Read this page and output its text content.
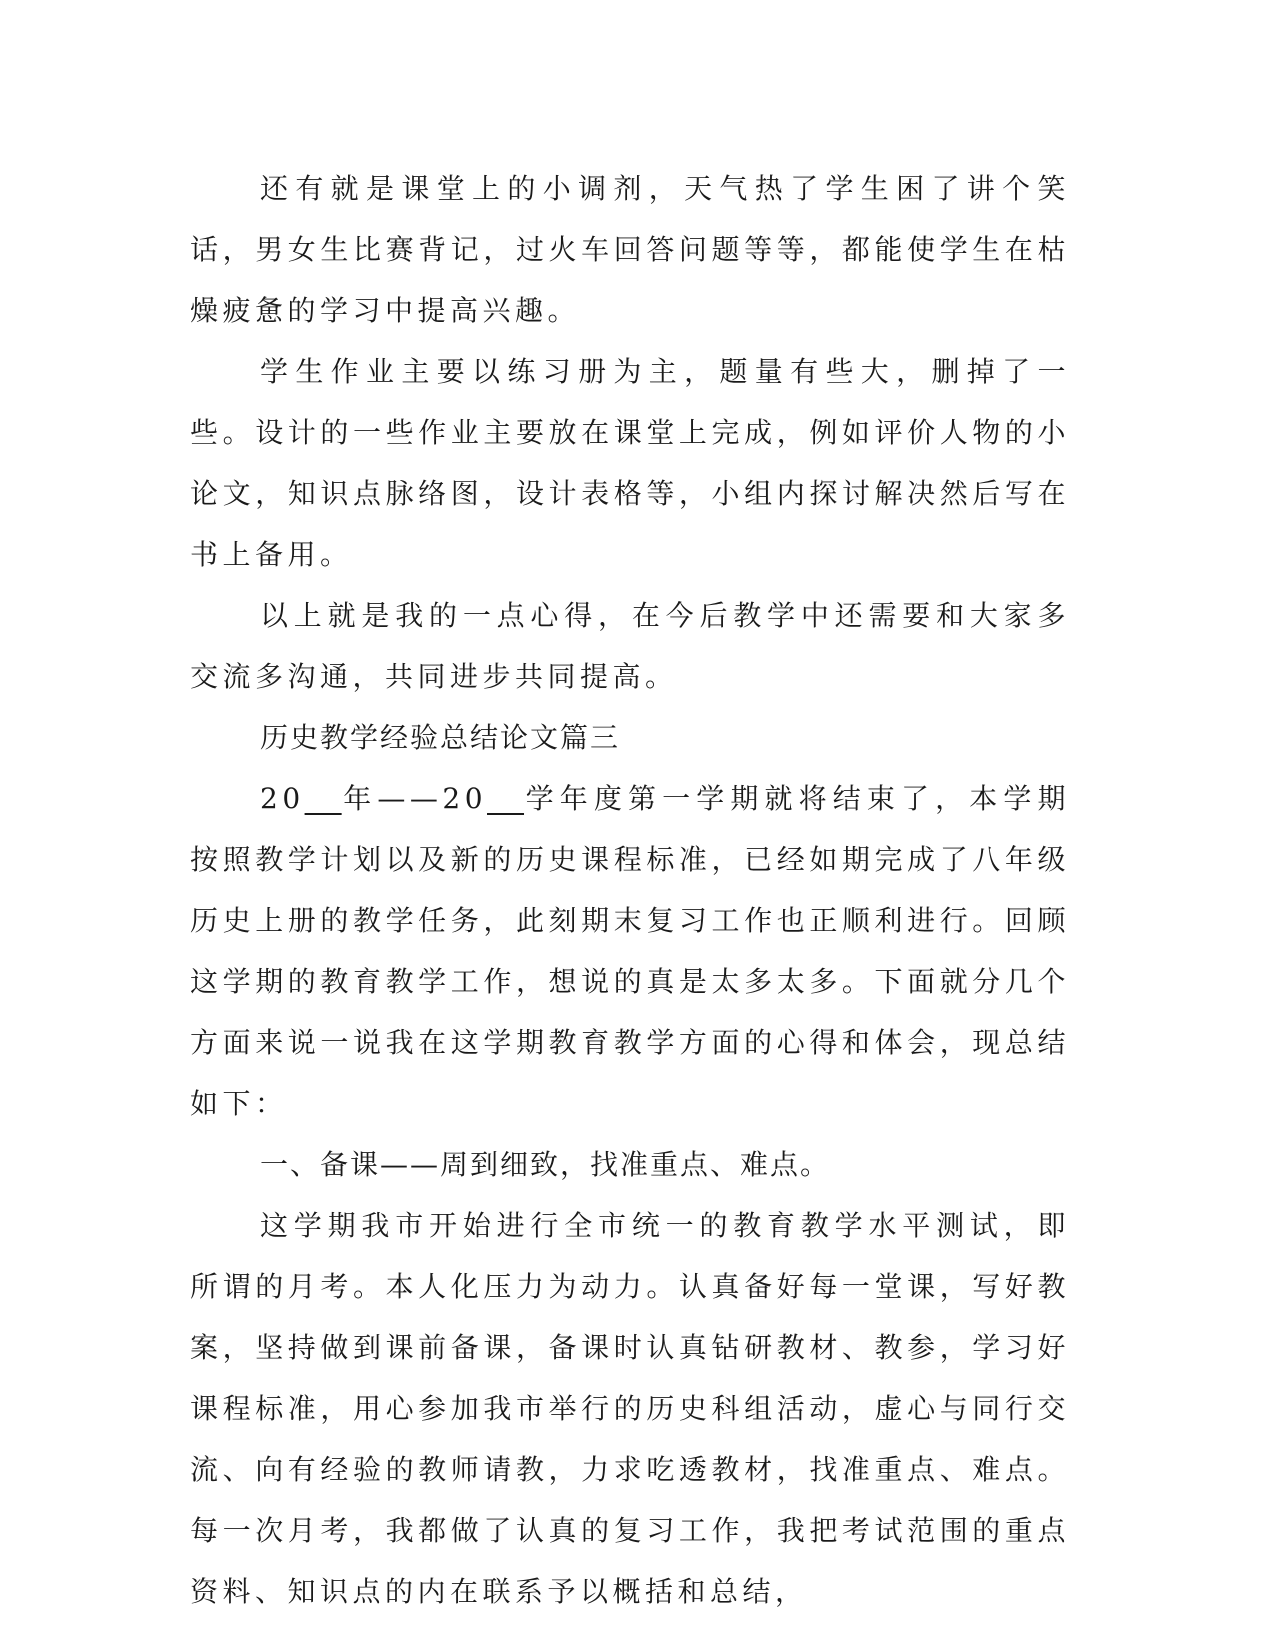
还有就是课堂上的小调剂，天气热了学生困了讲个笑话，男女生比赛背记，过火车回答问题等等，都能使学生在枯燥疲惫的学习中提高兴趣。

学生作业主要以练习册为主，题量有些大，删掉了一些。设计的一些作业主要放在课堂上完成，例如评价人物的小论文，知识点脉络图，设计表格等，小组内探讨解决然后写在书上备用。

以上就是我的一点心得，在今后教学中还需要和大家多交流多沟通，共同进步共同提高。

历史教学经验总结论文篇三

20__年——20__学年度第一学期就将结束了，本学期按照教学计划以及新的历史课程标准，已经如期完成了八年级历史上册的教学任务，此刻期末复习工作也正顺利进行。回顾这学期的教育教学工作，想说的真是太多太多。下面就分几个方面来说一说我在这学期教育教学方面的心得和体会，现总结如下：

一、备课——周到细致，找准重点、难点。

这学期我市开始进行全市统一的教育教学水平测试，即所谓的月考。本人化压力为动力。认真备好每一堂课，写好教案，坚持做到课前备课，备课时认真钻研教材、教参，学习好课程标准，用心参加我市举行的历史科组活动，虚心与同行交流、向有经验的教师请教，力求吃透教材，找准重点、难点。每一次月考，我都做了认真的复习工作，我把考试范围的重点资料、知识点的内在联系予以概括和总结，
